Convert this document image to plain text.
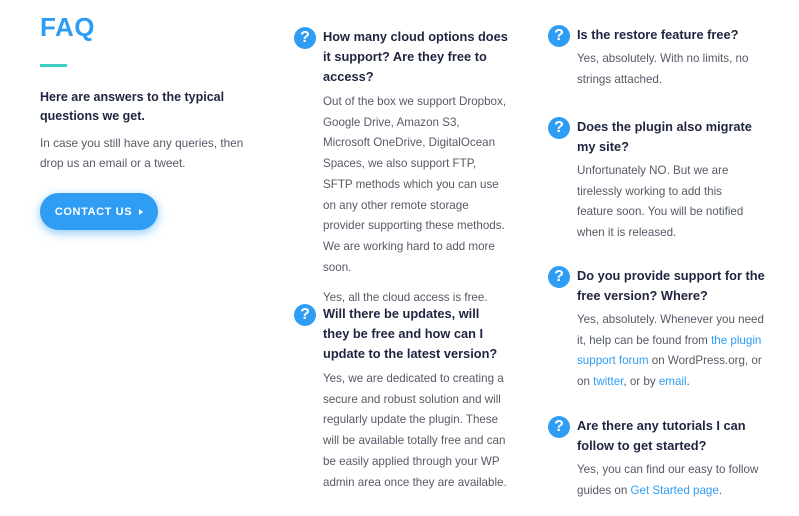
FAQ

Here are answers to the typical questions we get.

In case you still have any queries, then drop us an email or a tweet.

CONTACT US
?	How many cloud options does it support? Are they free to access?

Out of the box we support Dropbox, Google Drive, Amazon S3, Microsoft OneDrive, DigitalOcean Spaces, we also support FTP, SFTP methods which you can use on any other remote storage provider supporting these methods. We are working hard to add more soon.

Yes, all the cloud access is free.

?	Will there be updates, will they be free and how can I update to the latest version?

Yes, we are dedicated to creating a secure and robust solution and will regularly update the plugin. These will be available totally free and can be easily applied through your WP admin area once they are available.

?	Is the restore feature free?

Yes, absolutely. With no limits, no strings attached.

?	Does the plugin also migrate my site?

Unfortunately NO. But we are tirelessly working to add this feature soon. You will be notified when it is released.

?	Do you provide support for the free version? Where?

Yes, absolutely. Whenever you need it, help can be found from the plugin support forum on WordPress.org, or on twitter, or by email.

?	Are there any tutorials I can follow to get started?

Yes, you can find our easy to follow guides on Get Started page.
